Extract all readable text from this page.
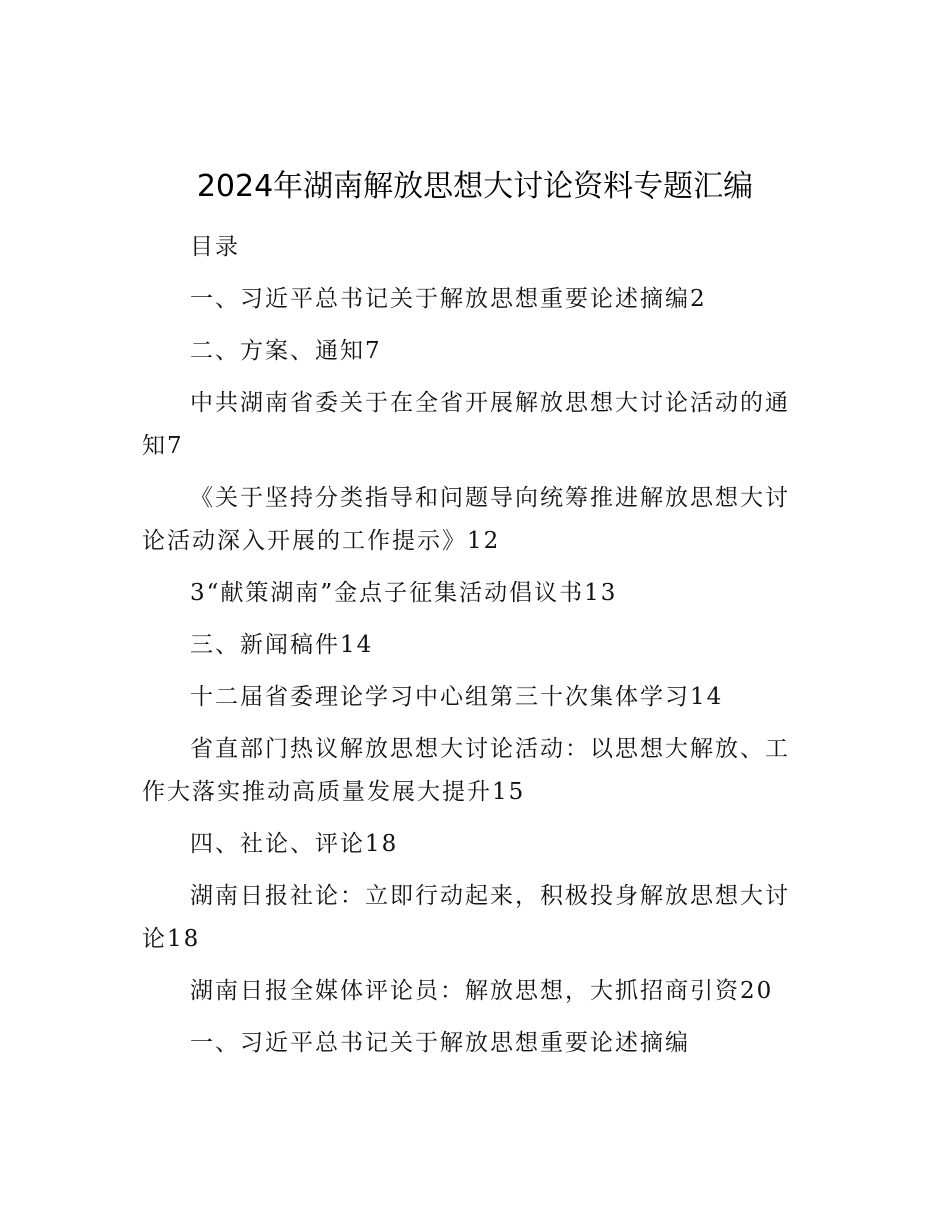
2024年湖南解放思想大讨论资料专题汇编

目录

一、习近平总书记关于解放思想重要论述摘编2

二、方案、通知7

中共湖南省委关于在全省开展解放思想大讨论活动的通知7

《关于坚持分类指导和问题导向统筹推进解放思想大讨论活动深入开展的工作提示》12

3“献策湖南”金点子征集活动倡议书13

三、新闻稿件14

十二届省委理论学习中心组第三十次集体学习14

省直部门热议解放思想大讨论活动：以思想大解放、工作大落实推动高质量发展大提升15

四、社论、评论18

湖南日报社论：立即行动起来，积极投身解放思想大讨论18

湖南日报全媒体评论员：解放思想，大抓招商引资20

一、习近平总书记关于解放思想重要论述摘编
